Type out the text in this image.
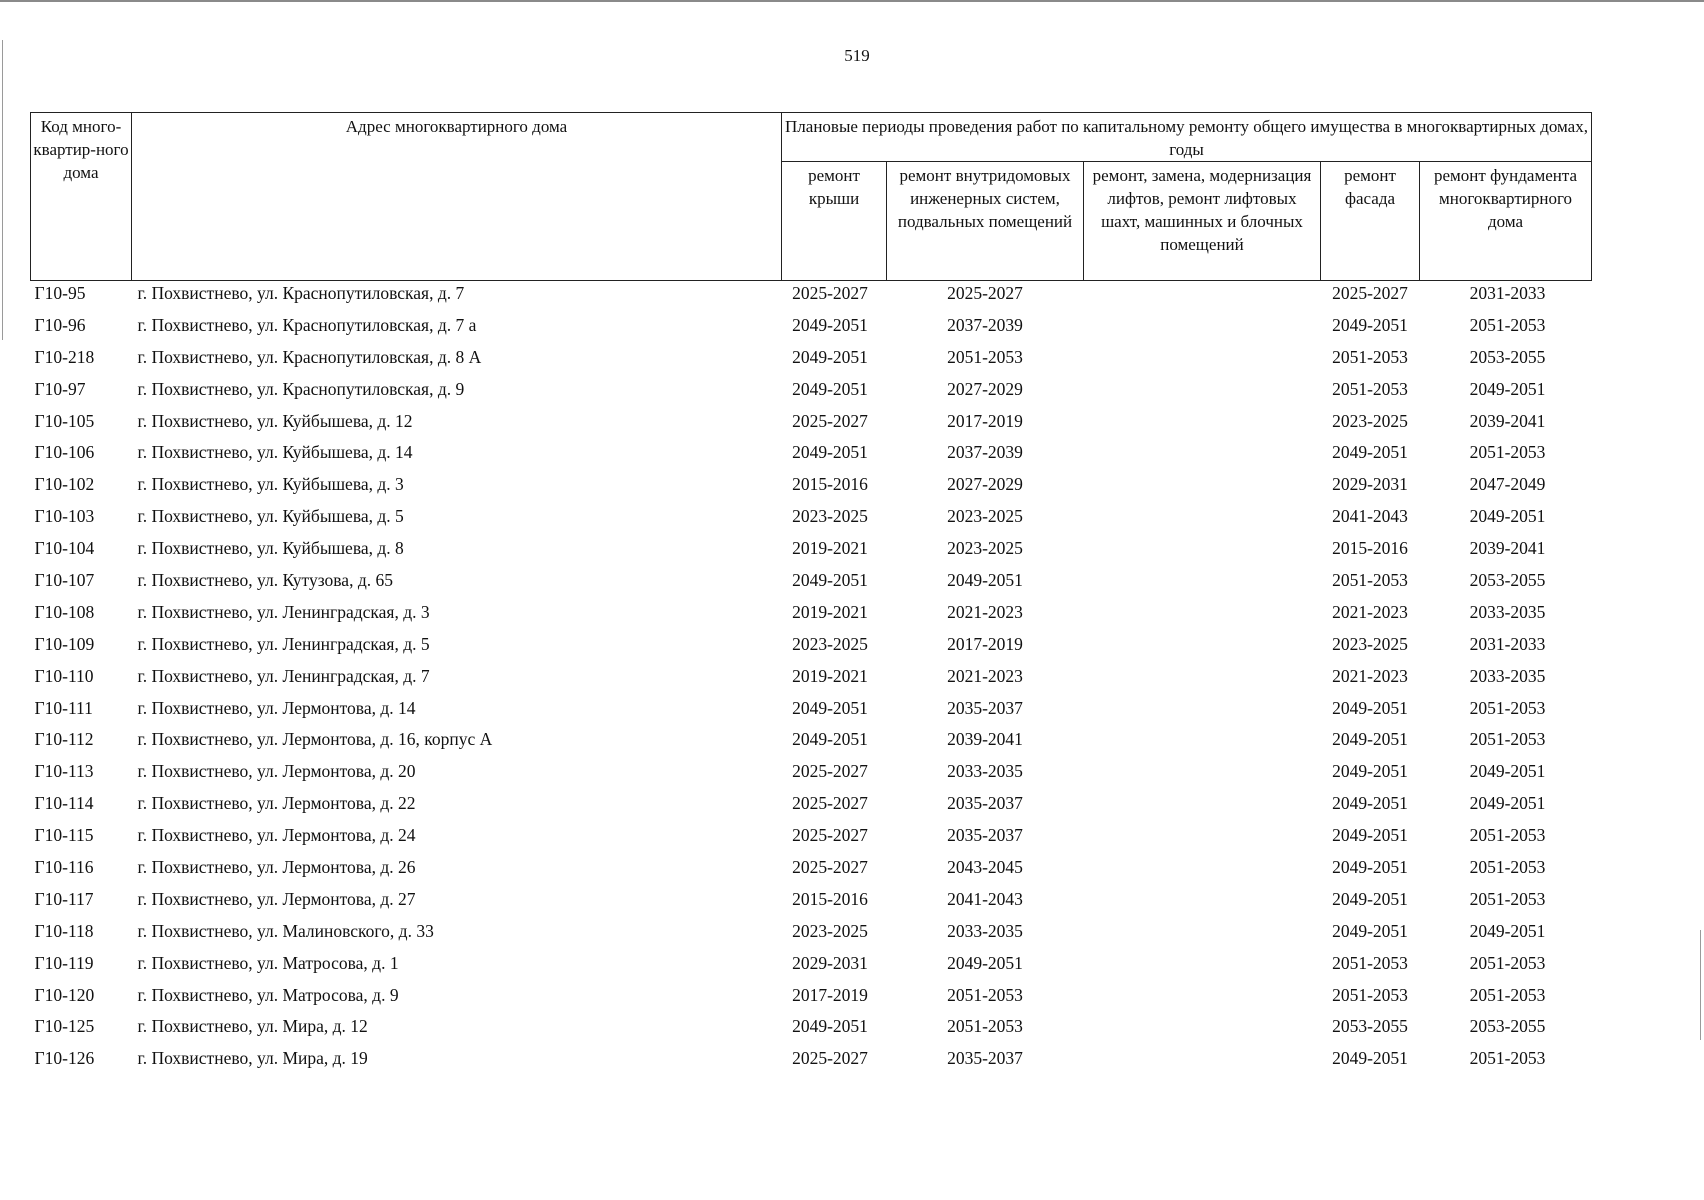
519
Код много-квартир-ного дома	Адрес многоквартирного дома	Плановые периоды проведения работ по капитальному ремонту общего имущества в многоквартирных домах, годы				
		ремонт крыши	ремонт внутридомовых инженерных систем, подвальных помещений	ремонт, замена, модернизация лифтов, ремонт лифтовых шахт, машинных и блочных помещений	ремонт фасада	ремонт фундамента многоквартирного дома
Г10-95	г. Похвистнево, ул. Краснопутиловская, д. 7	2025-2027	2025-2027		2025-2027	2031-2033
Г10-96	г. Похвистнево, ул. Краснопутиловская, д. 7 а	2049-2051	2037-2039		2049-2051	2051-2053
Г10-218	г. Похвистнево, ул. Краснопутиловская, д. 8 А	2049-2051	2051-2053		2051-2053	2053-2055
Г10-97	г. Похвистнево, ул. Краснопутиловская, д. 9	2049-2051	2027-2029		2051-2053	2049-2051
Г10-105	г. Похвистнево, ул. Куйбышева, д. 12	2025-2027	2017-2019		2023-2025	2039-2041
Г10-106	г. Похвистнево, ул. Куйбышева, д. 14	2049-2051	2037-2039		2049-2051	2051-2053
Г10-102	г. Похвистнево, ул. Куйбышева, д. 3	2015-2016	2027-2029		2029-2031	2047-2049
Г10-103	г. Похвистнево, ул. Куйбышева, д. 5	2023-2025	2023-2025		2041-2043	2049-2051
Г10-104	г. Похвистнево, ул. Куйбышева, д. 8	2019-2021	2023-2025		2015-2016	2039-2041
Г10-107	г. Похвистнево, ул. Кутузова, д. 65	2049-2051	2049-2051		2051-2053	2053-2055
Г10-108	г. Похвистнево, ул. Ленинградская, д. 3	2019-2021	2021-2023		2021-2023	2033-2035
Г10-109	г. Похвистнево, ул. Ленинградская, д. 5	2023-2025	2017-2019		2023-2025	2031-2033
Г10-110	г. Похвистнево, ул. Ленинградская, д. 7	2019-2021	2021-2023		2021-2023	2033-2035
Г10-111	г. Похвистнево, ул. Лермонтова, д. 14	2049-2051	2035-2037		2049-2051	2051-2053
Г10-112	г. Похвистнево, ул. Лермонтова, д. 16, корпус А	2049-2051	2039-2041		2049-2051	2051-2053
Г10-113	г. Похвистнево, ул. Лермонтова, д. 20	2025-2027	2033-2035		2049-2051	2049-2051
Г10-114	г. Похвистнево, ул. Лермонтова, д. 22	2025-2027	2035-2037		2049-2051	2049-2051
Г10-115	г. Похвистнево, ул. Лермонтова, д. 24	2025-2027	2035-2037		2049-2051	2051-2053
Г10-116	г. Похвистнево, ул. Лермонтова, д. 26	2025-2027	2043-2045		2049-2051	2051-2053
Г10-117	г. Похвистнево, ул. Лермонтова, д. 27	2015-2016	2041-2043		2049-2051	2051-2053
Г10-118	г. Похвистнево, ул. Малиновского, д. 33	2023-2025	2033-2035		2049-2051	2049-2051
Г10-119	г. Похвистнево, ул. Матросова, д. 1	2029-2031	2049-2051		2051-2053	2051-2053
Г10-120	г. Похвистнево, ул. Матросова, д. 9	2017-2019	2051-2053		2051-2053	2051-2053
Г10-125	г. Похвистнево, ул. Мира, д. 12	2049-2051	2051-2053		2053-2055	2053-2055
Г10-126	г. Похвистнево, ул. Мира, д. 19	2025-2027	2035-2037		2049-2051	2051-2053
